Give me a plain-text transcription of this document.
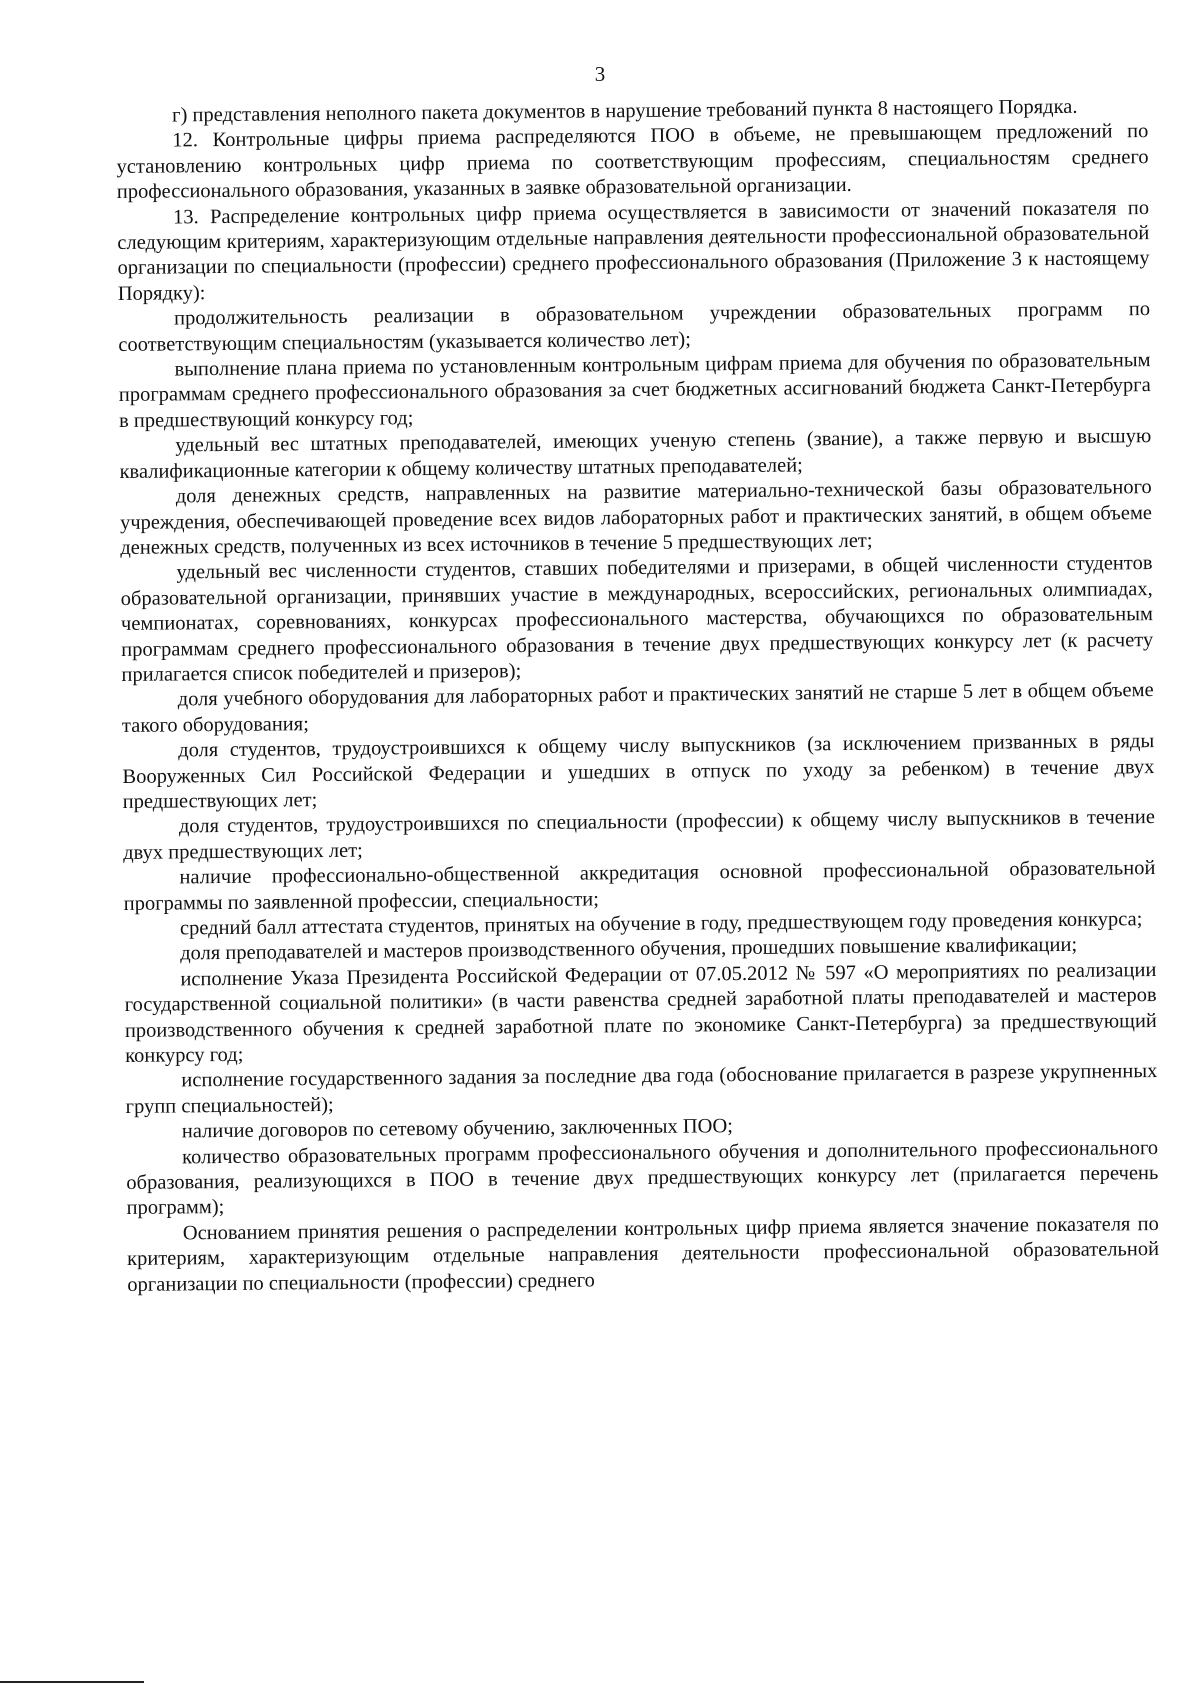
3

г) представления неполного пакета документов в нарушение требований пункта 8 настоящего Порядка.

12. Контрольные цифры приема распределяются ПОО в объеме, не превышающем предложений по установлению контрольных цифр приема по соответствующим профессиям, специальностям среднего профессионального образования, указанных в заявке образовательной организации.

13. Распределение контрольных цифр приема осуществляется в зависимости от значений показателя по следующим критериям, характеризующим отдельные направления деятельности профессиональной образовательной организации по специальности (профессии) среднего профессионального образования (Приложение 3 к настоящему Порядку):

продолжительность реализации в образовательном учреждении образовательных программ по соответствующим специальностям (указывается количество лет);

выполнение плана приема по установленным контрольным цифрам приема для обучения по образовательным программам среднего профессионального образования за счет бюджетных ассигнований бюджета Санкт-Петербурга в предшествующий конкурсу год;

удельный вес штатных преподавателей, имеющих ученую степень (звание), а также первую и высшую квалификационные категории к общему количеству штатных преподавателей;

доля денежных средств, направленных на развитие материально-технической базы образовательного учреждения, обеспечивающей проведение всех видов лабораторных работ и практических занятий, в общем объеме денежных средств, полученных из всех источников в течение 5 предшествующих лет;

удельный вес численности студентов, ставших победителями и призерами, в общей численности студентов образовательной организации, принявших участие в международных, всероссийских, региональных олимпиадах, чемпионатах, соревнованиях, конкурсах профессионального мастерства, обучающихся по образовательным программам среднего профессионального образования в течение двух предшествующих конкурсу лет (к расчету прилагается список победителей и призеров);

доля учебного оборудования для лабораторных работ и практических занятий не старше 5 лет в общем объеме такого оборудования;

доля студентов, трудоустроившихся к общему числу выпускников (за исключением призванных в ряды Вооруженных Сил Российской Федерации и ушедших в отпуск по уходу за ребенком) в течение двух предшествующих лет;

доля студентов, трудоустроившихся по специальности (профессии) к общему числу выпускников в течение двух предшествующих лет;

наличие профессионально-общественной аккредитация основной профессиональной образовательной программы по заявленной профессии, специальности;

средний балл аттестата студентов, принятых на обучение в году, предшествующем году проведения конкурса;

доля преподавателей и мастеров производственного обучения, прошедших повышение квалификации;

исполнение Указа Президента Российской Федерации от 07.05.2012 № 597 «О мероприятиях по реализации государственной социальной политики» (в части равенства средней заработной платы преподавателей и мастеров производственного обучения к средней заработной плате по экономике Санкт-Петербурга) за предшествующий конкурсу год;

исполнение государственного задания за последние два года (обоснование прилагается в разрезе укрупненных групп специальностей);

наличие договоров по сетевому обучению, заключенных ПОО;

количество образовательных программ профессионального обучения и дополнительного профессионального образования, реализующихся в ПОО в течение двух предшествующих конкурсу лет (прилагается перечень программ);

Основанием принятия решения о распределении контрольных цифр приема является значение показателя по критериям, характеризующим отдельные направления деятельности профессиональной образовательной организации по специальности (профессии) среднего
